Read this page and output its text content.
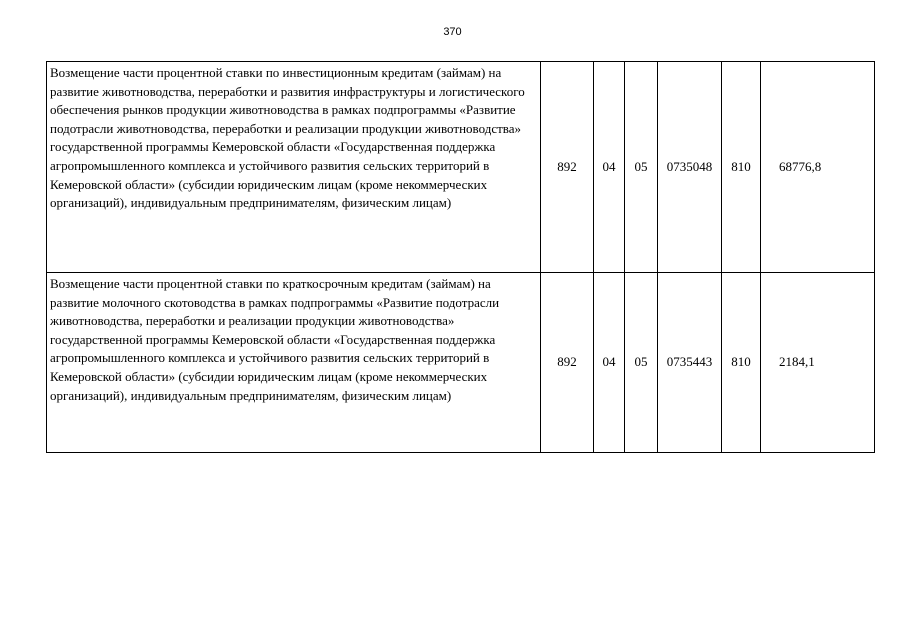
370
Возмещение части процентной ставки по инвестиционным кредитам (займам) на развитие животноводства, переработки и развития инфраструктуры и логистического обеспечения рынков продукции животноводства в рамках подпрограммы «Развитие подотрасли животноводства, переработки и реализации продукции животноводства» государственной программы Кемеровской области «Государственная поддержка агропромышленного комплекса и устойчивого развития сельских территорий в Кемеровской области» (субсидии юридическим лицам (кроме некоммерческих организаций), индивидуальным предпринимателям, физическим лицам)	892	04	05	0735048	810	68776,8
Возмещение части процентной ставки по краткосрочным кредитам (займам) на развитие молочного скотоводства в рамках подпрограммы «Развитие подотрасли животноводства, переработки и реализации продукции животноводства» государственной программы Кемеровской области «Государственная поддержка агропромышленного комплекса и устойчивого развития сельских территорий в Кемеровской области» (субсидии юридическим лицам (кроме некоммерческих организаций), индивидуальным предпринимателям, физическим лицам)	892	04	05	0735443	810	2184,1
